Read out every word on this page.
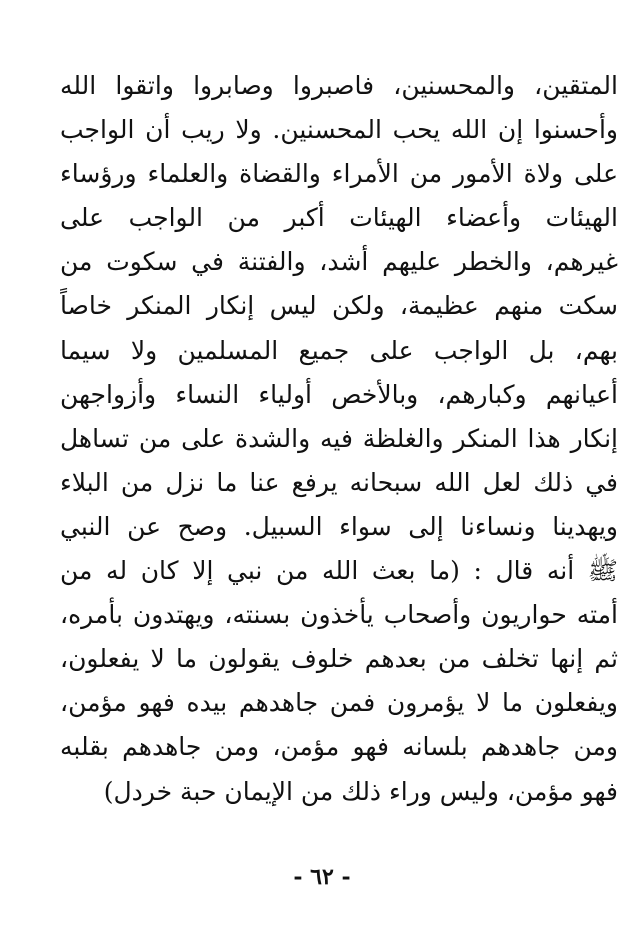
المتقين، والمحسنين، فاصبروا وصابروا واتقوا الله
وأحسنوا إن الله يحب المحسنين. ولا ريب أن الواجب
على ولاة الأمور من الأمراء والقضاة والعلماء ورؤساء
الهيئات وأعضاء الهيئات أكبر من الواجب على
غيرهم، والخطر عليهم أشد، والفتنة في سكوت من
سكت منهم عظيمة، ولكن ليس إنكار المنكر خاصاً
بهم، بل الواجب على جميع المسلمين ولا سيما
أعيانهم وكبارهم، وبالأخص أولياء النساء وأزواجهن
إنكار هذا المنكر والغلظة فيه والشدة على من تساهل
في ذلك لعل الله سبحانه يرفع عنا ما نزل من البلاء
ويهدينا ونساءنا إلى سواء السبيل. وصح عن النبي
ﷺ أنه قال : (ما بعث الله من نبي إلا كان له من
أمته حواريون وأصحاب يأخذون بسنته، ويهتدون بأمره،
ثم إنها تخلف من بعدهم خلوف يقولون ما لا يفعلون،
ويفعلون ما لا يؤمرون فمن جاهدهم بيده فهو مؤمن،
ومن جاهدهم بلسانه فهو مؤمن، ومن جاهدهم بقلبه
فهو مؤمن، وليس وراء ذلك من الإيمان حبة خردل)
- ٦٢ -
